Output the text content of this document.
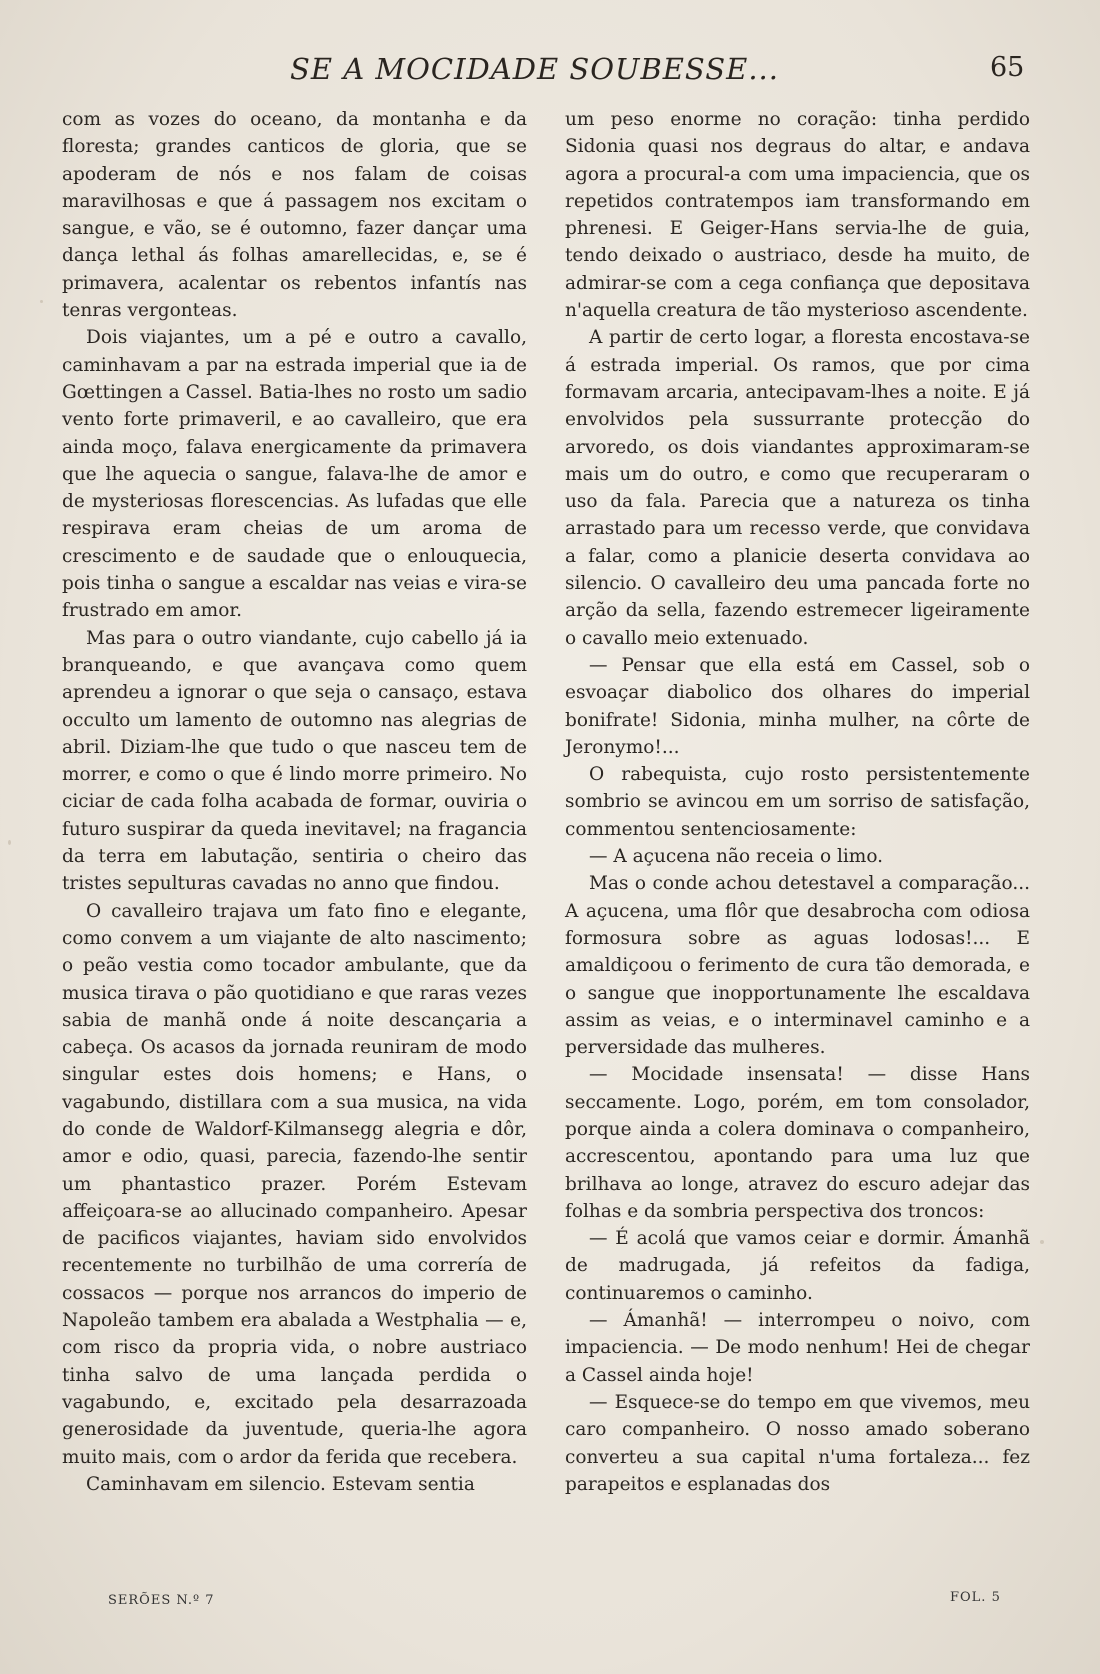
SE A MOCIDADE SOUBESSE...	65

com as vozes do oceano, da montanha e da floresta; grandes canticos de gloria, que se apoderam de nós e nos falam de coisas maravilhosas e que á passagem nos excitam o sangue, e vão, se é outomno, fazer dançar uma dança lethal ás folhas amarellecidas, e, se é primavera, acalentar os rebentos infantís nas tenras vergonteas.

Dois viajantes, um a pé e outro a cavallo, caminhavam a par na estrada imperial que ia de Gœttingen a Cassel. Batia-lhes no rosto um sadio vento forte primaveril, e ao cavalleiro, que era ainda moço, falava energicamente da primavera que lhe aquecia o sangue, falava-lhe de amor e de mysteriosas florescencias. As lufadas que elle respirava eram cheias de um aroma de crescimento e de saudade que o enlouquecia, pois tinha o sangue a escaldar nas veias e vira-se frustrado em amor.

Mas para o outro viandante, cujo cabello já ia branqueando, e que avançava como quem aprendeu a ignorar o que seja o cansaço, estava occulto um lamento de outomno nas alegrias de abril. Diziam-lhe que tudo o que nasceu tem de morrer, e como o que é lindo morre primeiro. No ciciar de cada folha acabada de formar, ouviria o futuro suspirar da queda inevitavel; na fragancia da terra em labutação, sentiria o cheiro das tristes sepulturas cavadas no anno que findou.

O cavalleiro trajava um fato fino e elegante, como convem a um viajante de alto nascimento; o peão vestia como tocador ambulante, que da musica tirava o pão quotidiano e que raras vezes sabia de manhã onde á noite descançaria a cabeça. Os acasos da jornada reuniram de modo singular estes dois homens; e Hans, o vagabundo, distillara com a sua musica, na vida do conde de Waldorf-Kilmansegg alegria e dôr, amor e odio, quasi, parecia, fazendo-lhe sentir um phantastico prazer. Porém Estevam affeiçoara-se ao allucinado companheiro. Apesar de pacificos viajantes, haviam sido envolvidos recentemente no turbilhão de uma correría de cossacos — porque nos arrancos do imperio de Napoleão tambem era abalada a Westphalia — e, com risco da propria vida, o nobre austriaco tinha salvo de uma lançada perdida o vagabundo, e, excitado pela desarrazoada generosidade da juventude, queria-lhe agora muito mais, com o ardor da ferida que recebera.

Caminhavam em silencio. Estevam sentia

um peso enorme no coração: tinha perdido Sidonia quasi nos degraus do altar, e andava agora a procural-a com uma impaciencia, que os repetidos contratempos iam transformando em phrenesi. E Geiger-Hans servia-lhe de guia, tendo deixado o austriaco, desde ha muito, de admirar-se com a cega confiança que depositava n'aquella creatura de tão mysterioso ascendente.

A partir de certo logar, a floresta encostava-se á estrada imperial. Os ramos, que por cima formavam arcaria, antecipavam-lhes a noite. E já envolvidos pela sussurrante protecção do arvoredo, os dois viandantes approximaram-se mais um do outro, e como que recuperaram o uso da fala. Parecia que a natureza os tinha arrastado para um recesso verde, que convidava a falar, como a planicie deserta convidava ao silencio. O cavalleiro deu uma pancada forte no arção da sella, fazendo estremecer ligeiramente o cavallo meio extenuado.

— Pensar que ella está em Cassel, sob o esvoaçar diabolico dos olhares do imperial bonifrate! Sidonia, minha mulher, na côrte de Jeronymo!...

O rabequista, cujo rosto persistentemente sombrio se avincou em um sorriso de satisfação, commentou sentenciosamente:

— A açucena não receia o limo.

Mas o conde achou detestavel a comparação... A açucena, uma flôr que desabrocha com odiosa formosura sobre as aguas lodosas!... E amaldiçoou o ferimento de cura tão demorada, e o sangue que inopportunamente lhe escaldava assim as veias, e o interminavel caminho e a perversidade das mulheres.

— Mocidade insensata! — disse Hans seccamente. Logo, porém, em tom consolador, porque ainda a colera dominava o companheiro, accrescentou, apontando para uma luz que brilhava ao longe, atravez do escuro adejar das folhas e da sombria perspectiva dos troncos:

— É acolá que vamos ceiar e dormir. Ámanhã de madrugada, já refeitos da fadiga, continuaremos o caminho.

— Ámanhã! — interrompeu o noivo, com impaciencia. — De modo nenhum! Hei de chegar a Cassel ainda hoje!

— Esquece-se do tempo em que vivemos, meu caro companheiro. O nosso amado soberano converteu a sua capital n'uma fortaleza... fez parapeitos e esplanadas dos

SERÕES N.º 7	FOL. 5
